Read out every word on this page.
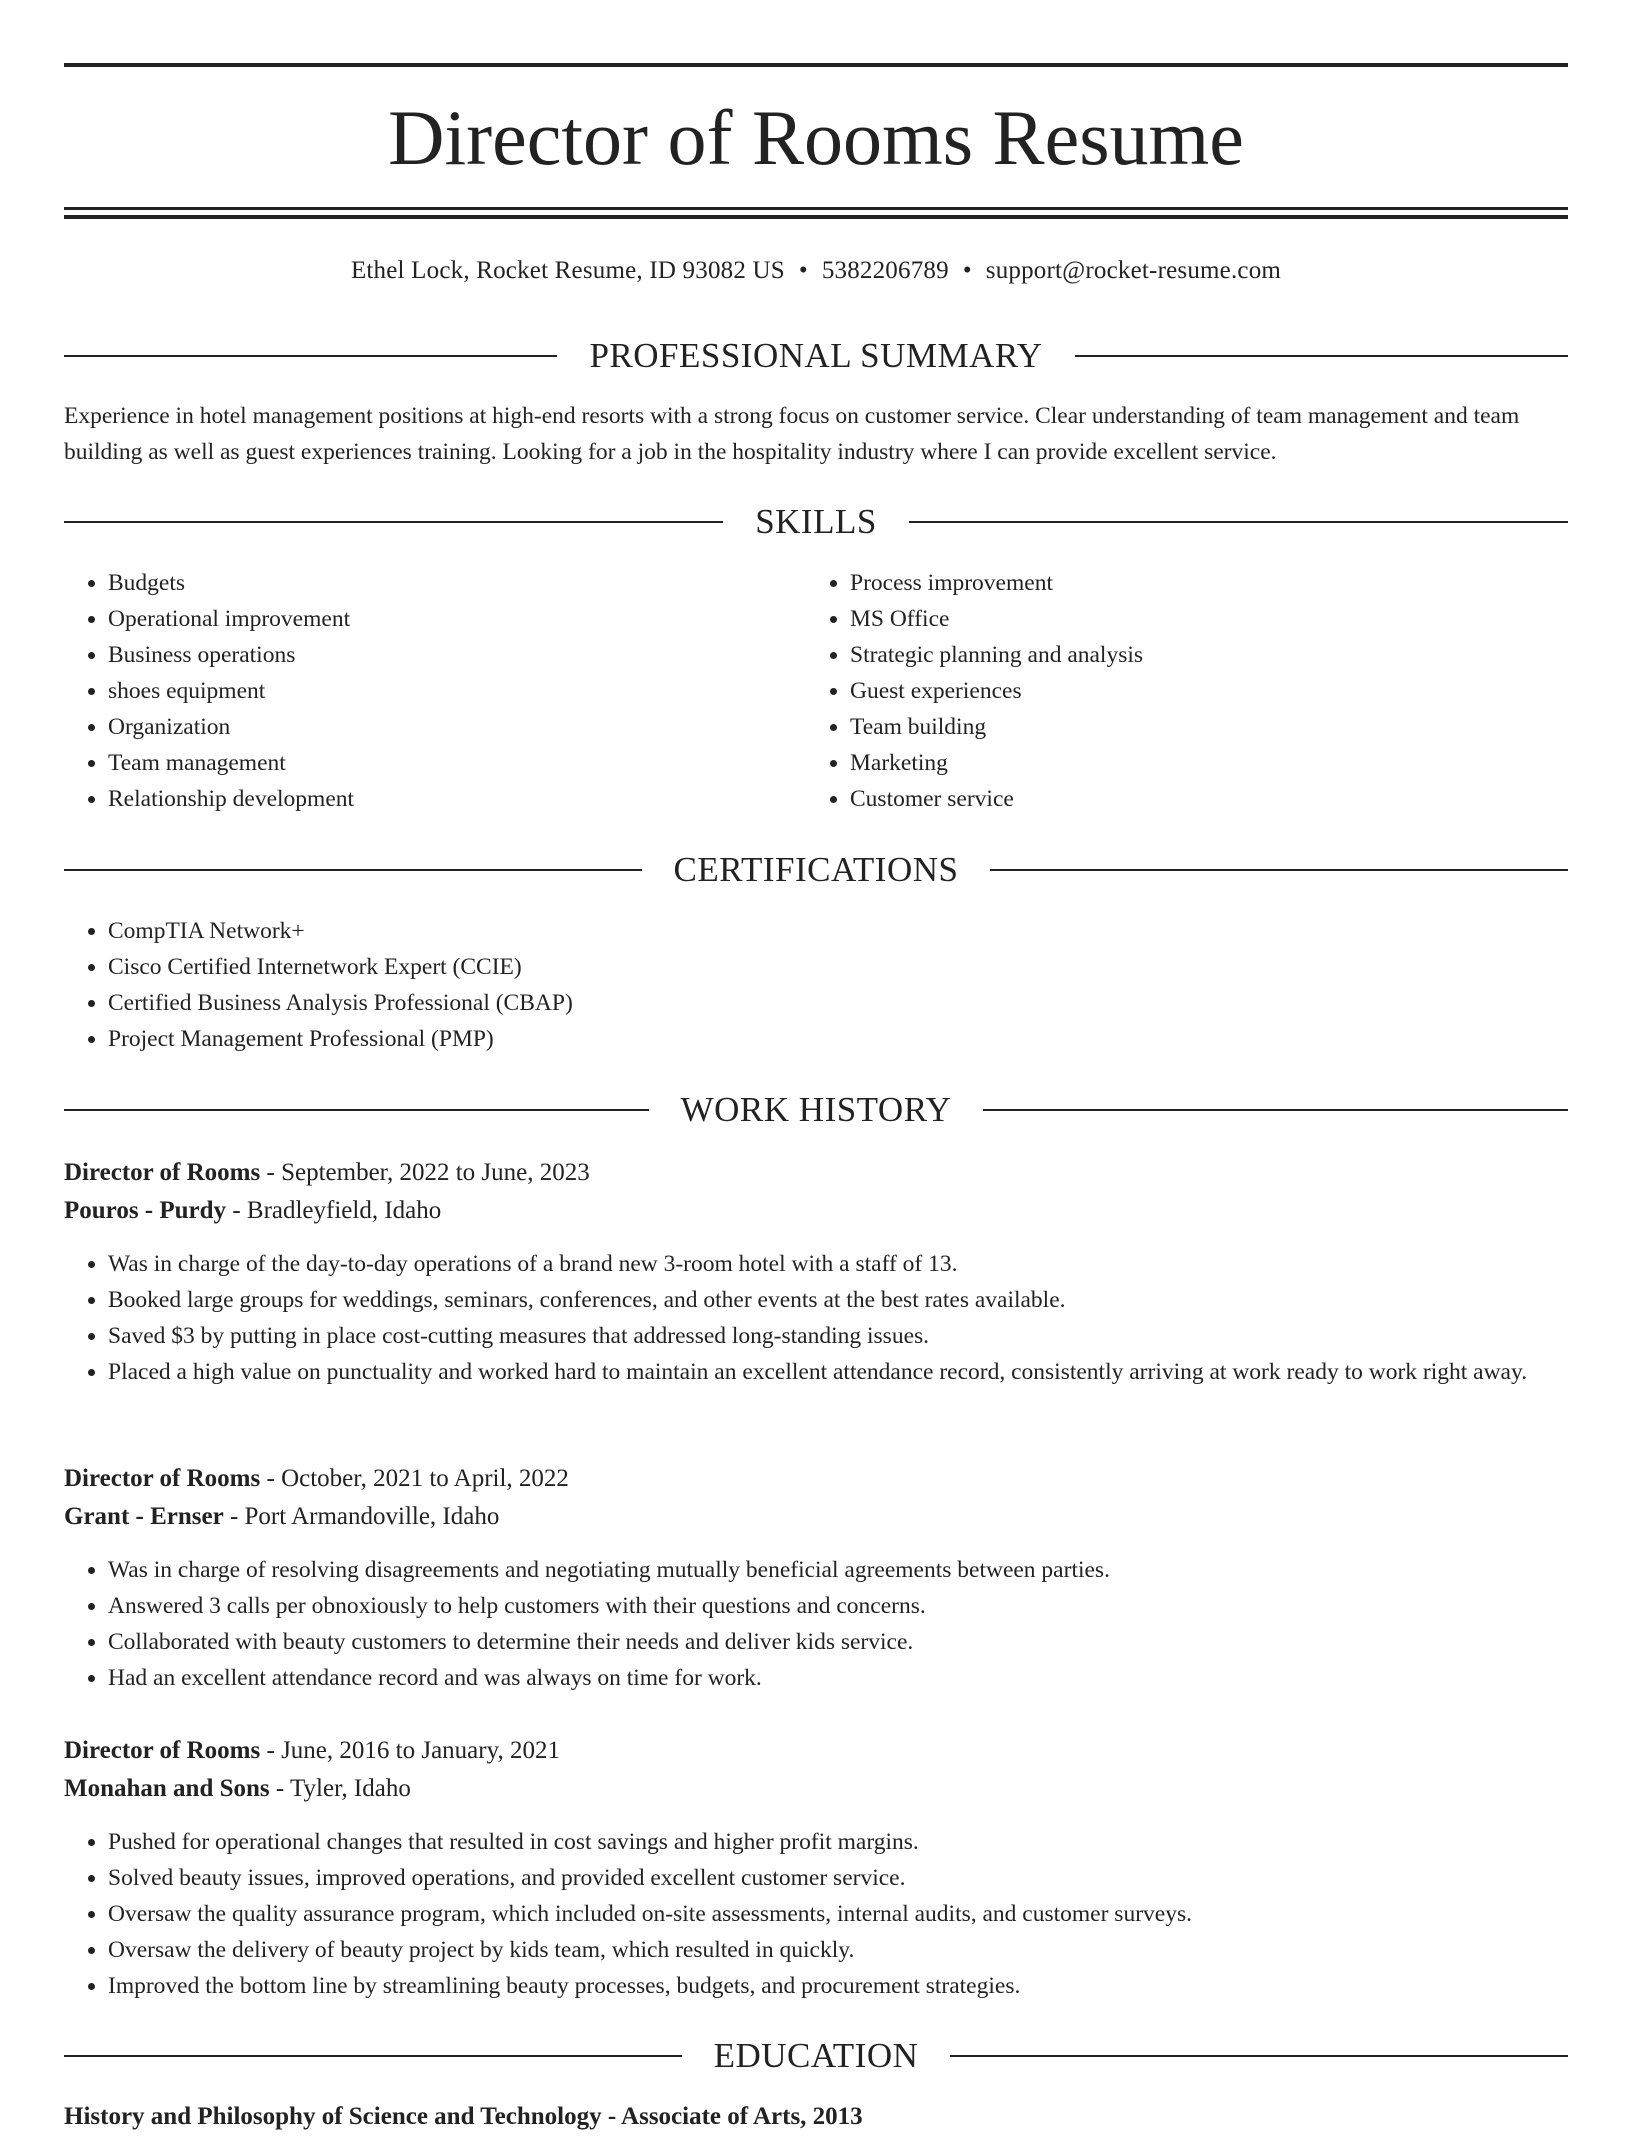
Director of Rooms Resume
Ethel Lock, Rocket Resume, ID 93082 US • 5382206789 • support@rocket-resume.com
PROFESSIONAL SUMMARY
Experience in hotel management positions at high-end resorts with a strong focus on customer service. Clear understanding of team management and team building as well as guest experiences training. Looking for a job in the hospitality industry where I can provide excellent service.
SKILLS
• Budgets
• Operational improvement
• Business operations
• shoes equipment
• Organization
• Team management
• Relationship development
• Process improvement
• MS Office
• Strategic planning and analysis
• Guest experiences
• Team building
• Marketing
• Customer service
CERTIFICATIONS
• CompTIA Network+
• Cisco Certified Internetwork Expert (CCIE)
• Certified Business Analysis Professional (CBAP)
• Project Management Professional (PMP)
WORK HISTORY
Director of Rooms - September, 2022 to June, 2023
Pouros - Purdy - Bradleyfield, Idaho
• Was in charge of the day-to-day operations of a brand new 3-room hotel with a staff of 13.
• Booked large groups for weddings, seminars, conferences, and other events at the best rates available.
• Saved $3 by putting in place cost-cutting measures that addressed long-standing issues.
• Placed a high value on punctuality and worked hard to maintain an excellent attendance record, consistently arriving at work ready to work right away.
Director of Rooms - October, 2021 to April, 2022
Grant - Ernser - Port Armandoville, Idaho
• Was in charge of resolving disagreements and negotiating mutually beneficial agreements between parties.
• Answered 3 calls per obnoxiously to help customers with their questions and concerns.
• Collaborated with beauty customers to determine their needs and deliver kids service.
• Had an excellent attendance record and was always on time for work.
Director of Rooms - June, 2016 to January, 2021
Monahan and Sons - Tyler, Idaho
• Pushed for operational changes that resulted in cost savings and higher profit margins.
• Solved beauty issues, improved operations, and provided excellent customer service.
• Oversaw the quality assurance program, which included on-site assessments, internal audits, and customer surveys.
• Oversaw the delivery of beauty project by kids team, which resulted in quickly.
• Improved the bottom line by streamlining beauty processes, budgets, and procurement strategies.
EDUCATION
History and Philosophy of Science and Technology - Associate of Arts, 2013
